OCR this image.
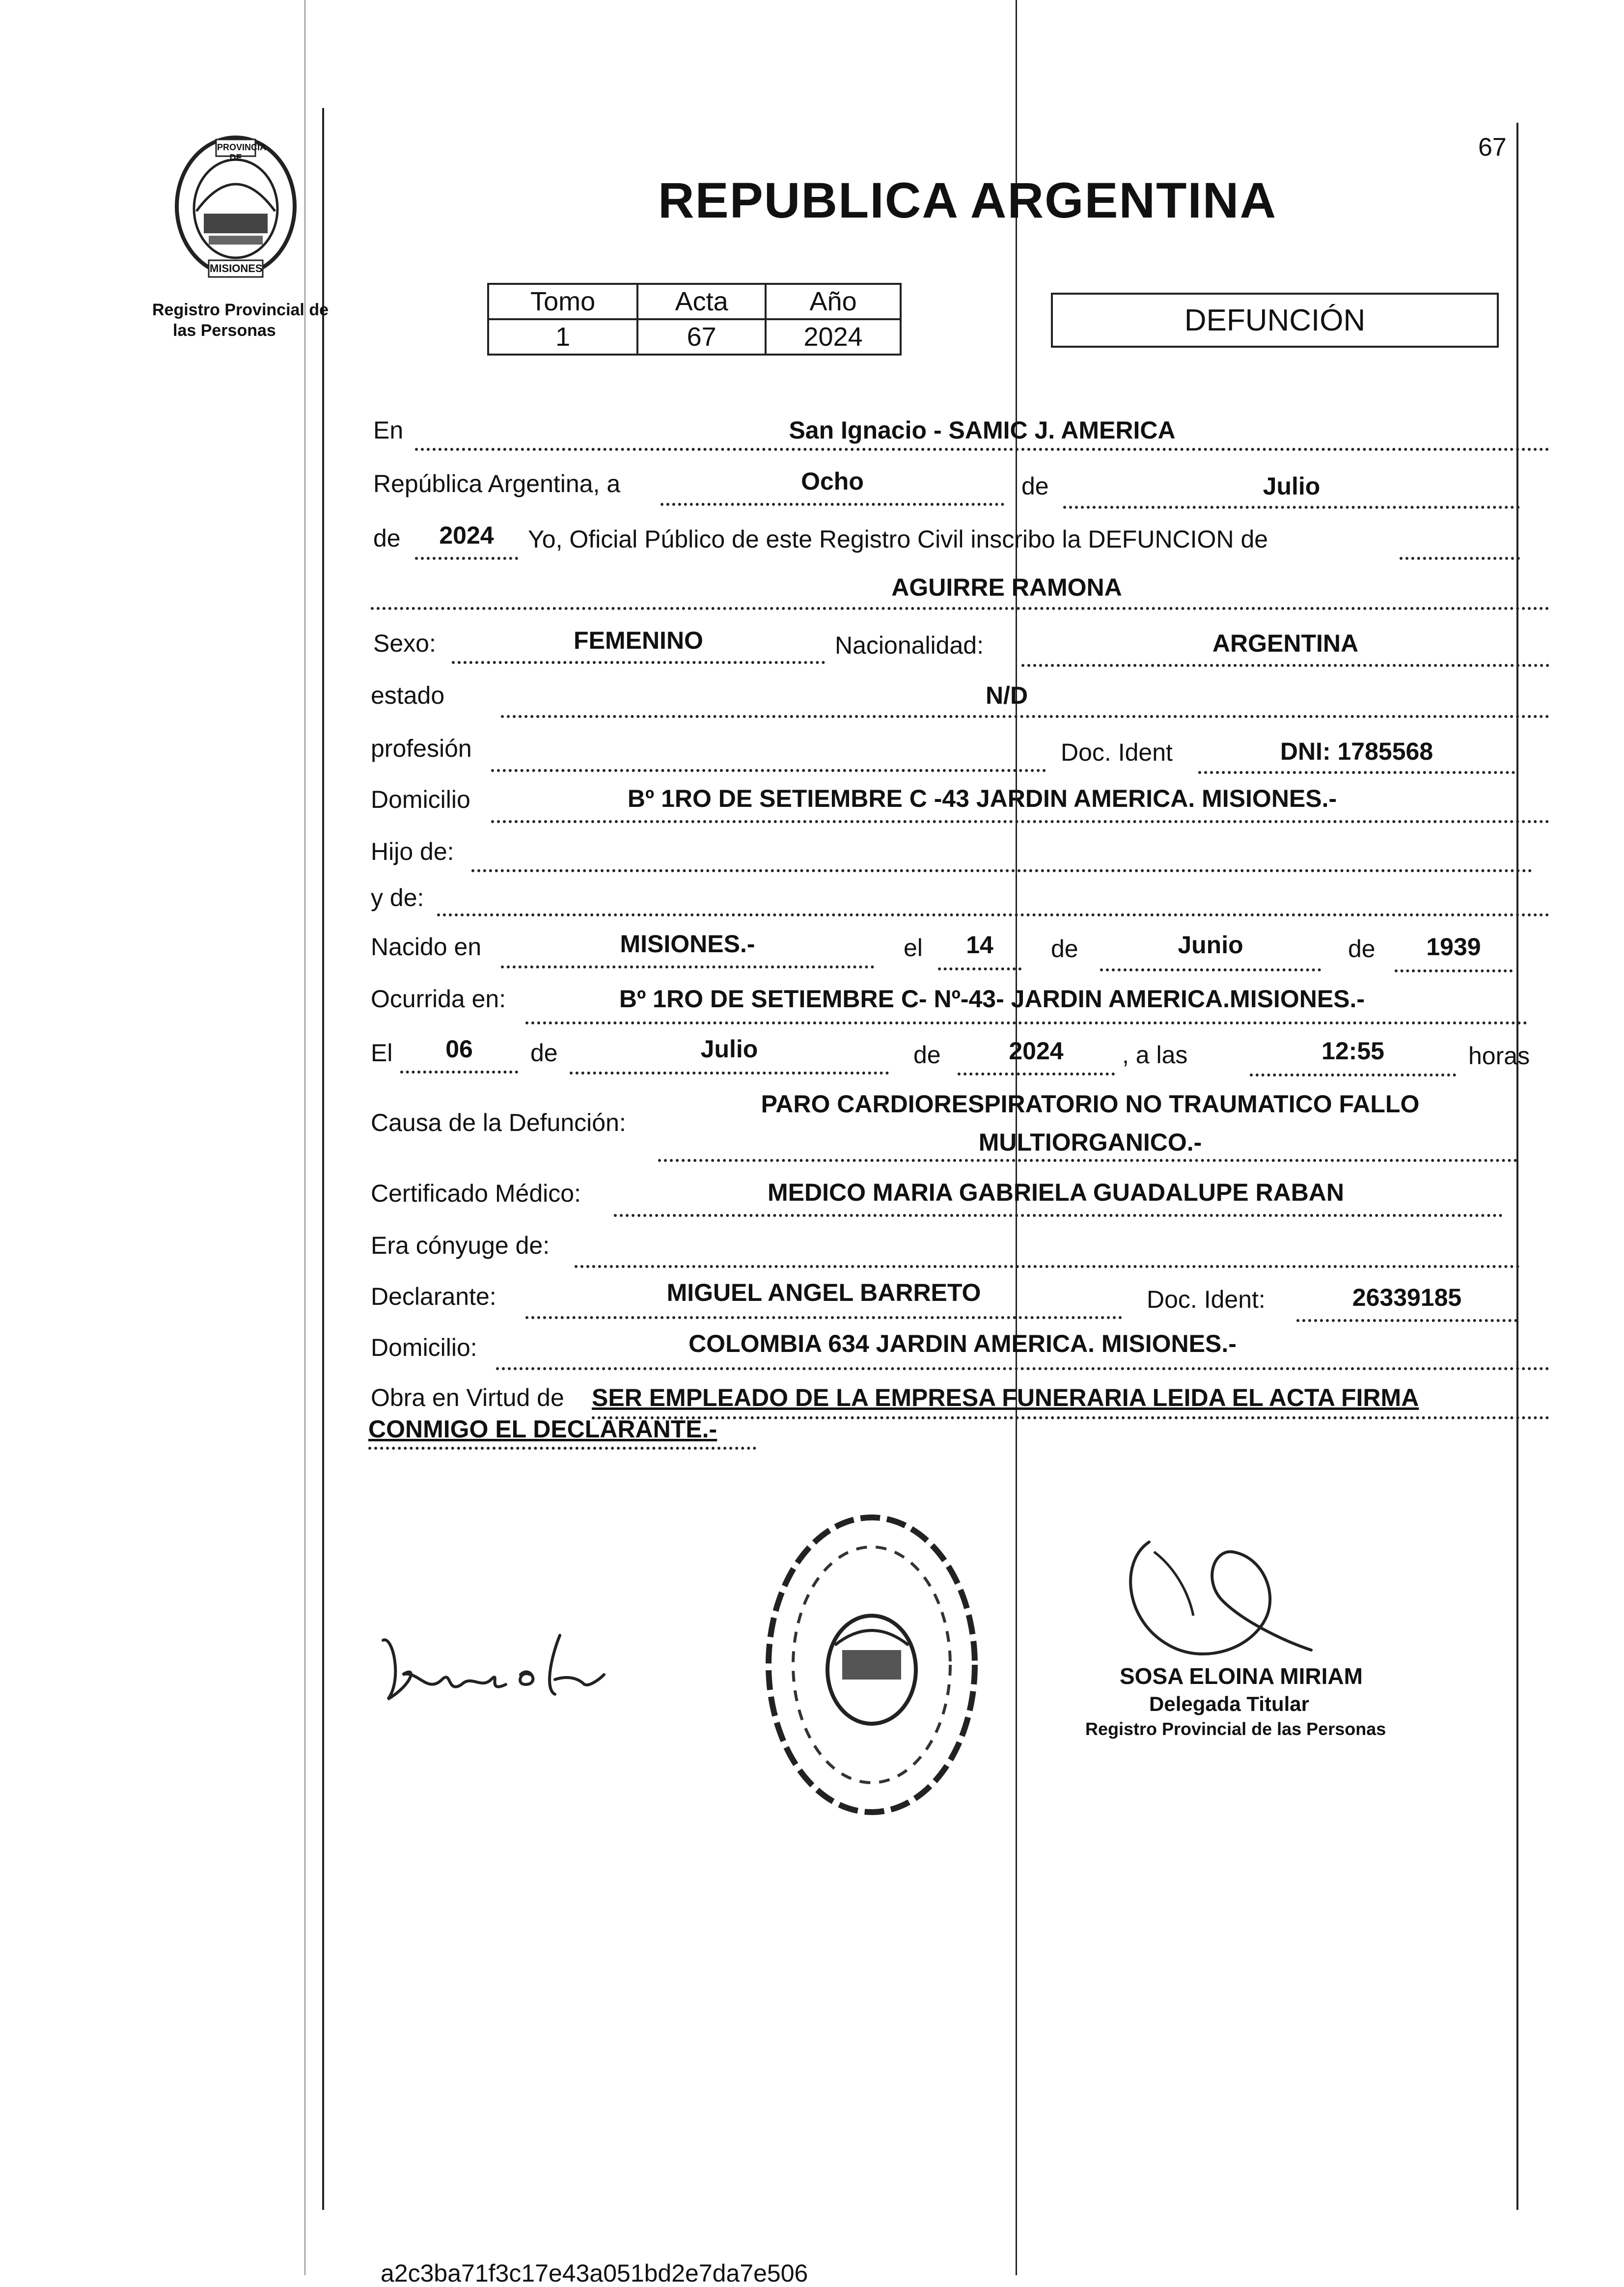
PROVINCIA DE
MISIONES
Registro Provincial de
las Personas
67
REPUBLICA ARGENTINA
Tomo	Acta	Año
1	67	2024	DEFUNCIÓN
En	San Ignacio - SAMIC J. AMERICA
República Argentina, a	Ocho	de	Julio
de	2024	Yo, Oficial Público de este Registro Civil inscribo la DEFUNCION de
AGUIRRE RAMONA
Sexo:	FEMENINO	Nacionalidad:	ARGENTINA
estado	N/D
profesión	Doc. Ident	DNI: 1785568
Domicilio	Bº 1RO DE SETIEMBRE C -43 JARDIN AMERICA. MISIONES.-
Hijo de:
y de:
Nacido en	MISIONES.-	el	14	de	Junio	de	1939
Ocurrida en:	Bº 1RO DE SETIEMBRE C- Nº-43- JARDIN AMERICA.MISIONES.-
El	06	de	Julio	de	2024	, a las	12:55	horas
Causa de la Defunción:
PARO CARDIORESPIRATORIO NO TRAUMATICO FALLO
MULTIORGANICO.-
Certificado Médico:	MEDICO MARIA GABRIELA GUADALUPE RABAN
Era cónyuge de:
Declarante:	MIGUEL ANGEL BARRETO	Doc. Ident:	26339185
Domicilio:	COLOMBIA 634 JARDIN AMERICA. MISIONES.-
Obra en Virtud de SER EMPLEADO DE LA EMPRESA FUNERARIA LEIDA EL ACTA FIRMA
CONMIGO EL DECLARANTE.-
SOSA ELOINA MIRIAM
Delegada Titular
Registro Provincial de las Personas
a2c3ba71f3c17e43a051bd2e7da7e506
